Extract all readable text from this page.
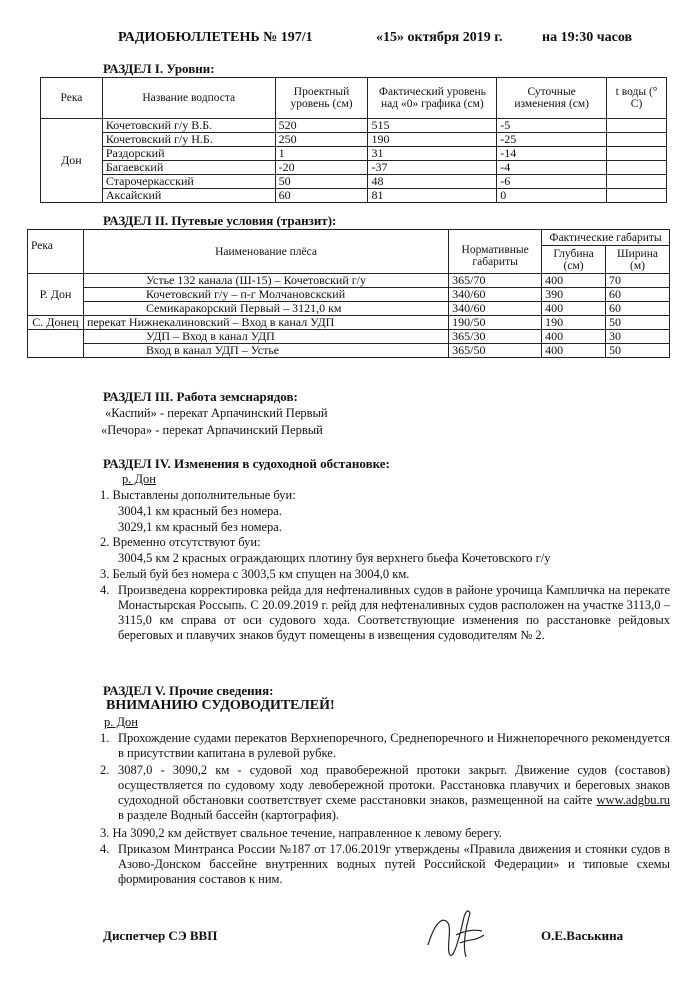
РАДИОБЮЛЛЕТЕНЬ № 197/1	«15» октября 2019 г.	на 19:30 часов
РАЗДЕЛ I. Уровни:
Река	Название водпоста	Проектный уровень (см)	Фактический уровень над «0» графика (см)	Суточные изменения (см)	t воды (° С)
Дон	Кочетовский г/у В.Б.	520	515	-5	
	Кочетовский г/у Н.Б.	250	190	-25	
	Раздорский	1	31	-14	
	Багаевский	-20	-37	-4	
	Старочеркасский	50	48	-6	
	Аксайский	60	81	0	
РАЗДЕЛ II. Путевые условия (транзит):
Река	Наименование плёса	Нормативные габариты	Фактические габариты	
			Глубина (см)	Ширина (м)
Р. Дон	Устье 132 канала (Ш-15) – Кочетовский г/у	365/70	400	70
	Кочетовский г/у – п-г Молчановскский	340/60	390	60
	Семикаракорский Первый – 3121,0 км	340/60	400	60
С. Донец	перекат Нижнекалиновский – Вход в канал УДП	190/50	190	50
	УДП – Вход в канал УДП	365/30	400	30
	Вход в канал УДП – Устье	365/50	400	50
РАЗДЕЛ III. Работа земснарядов:
«Каспий» - перекат Арпачинский Первый
«Печора» - перекат Арпачинский Первый
РАЗДЕЛ IV. Изменения в судоходной обстановке:
р. Дон
1. Выставлены дополнительные буи:
3004,1 км красный без номера.
3029,1 км красный без номера.
2. Временно отсутствуют буи:
3004,5 км 2 красных ограждающих плотину буя верхнего бьефа Кочетовского г/у
3. Белый буй без номера с 3003,5 км спущен на 3004,0 км.
4. Произведена корректировка рейда для нефтеналивных судов в районе урочища Кампличка на перекате Монастырская Россыпь. С 20.09.2019 г. рейд для нефтеналивных судов расположен на участке 3113,0 – 3115,0 км справа от оси судового хода. Соответствующие изменения по расстановке рейдовых береговых и плавучих знаков будут помещены в извещения судоводителям № 2.
РАЗДЕЛ V. Прочие сведения:
ВНИМАНИЮ СУДОВОДИТЕЛЕЙ!
р. Дон
1. Прохождение судами перекатов Верхнепоречного, Среднепоречного и Нижнепоречного рекомендуется в присутствии капитана в рулевой рубке.
2. 3087,0 - 3090,2 км - судовой ход правобережной протоки закрыт. Движение судов (составов) осуществляется по судовому ходу левобережной протоки. Расстановка плавучих и береговых знаков судоходной обстановки соответствует схеме расстановки знаков, размещенной на сайте www.adgbu.ru в разделе Водный бассейн (картография).
3. На 3090,2 км действует свальное течение, направленное к левому берегу.
4. Приказом Минтранса России №187 от 17.06.2019г утверждены «Правила движения и стоянки судов в Азово-Донском бассейне внутренних водных путей Российской Федерации» и типовые схемы формирования составов к ним.
Диспетчер СЭ ВВП	О.Е.Васькина
